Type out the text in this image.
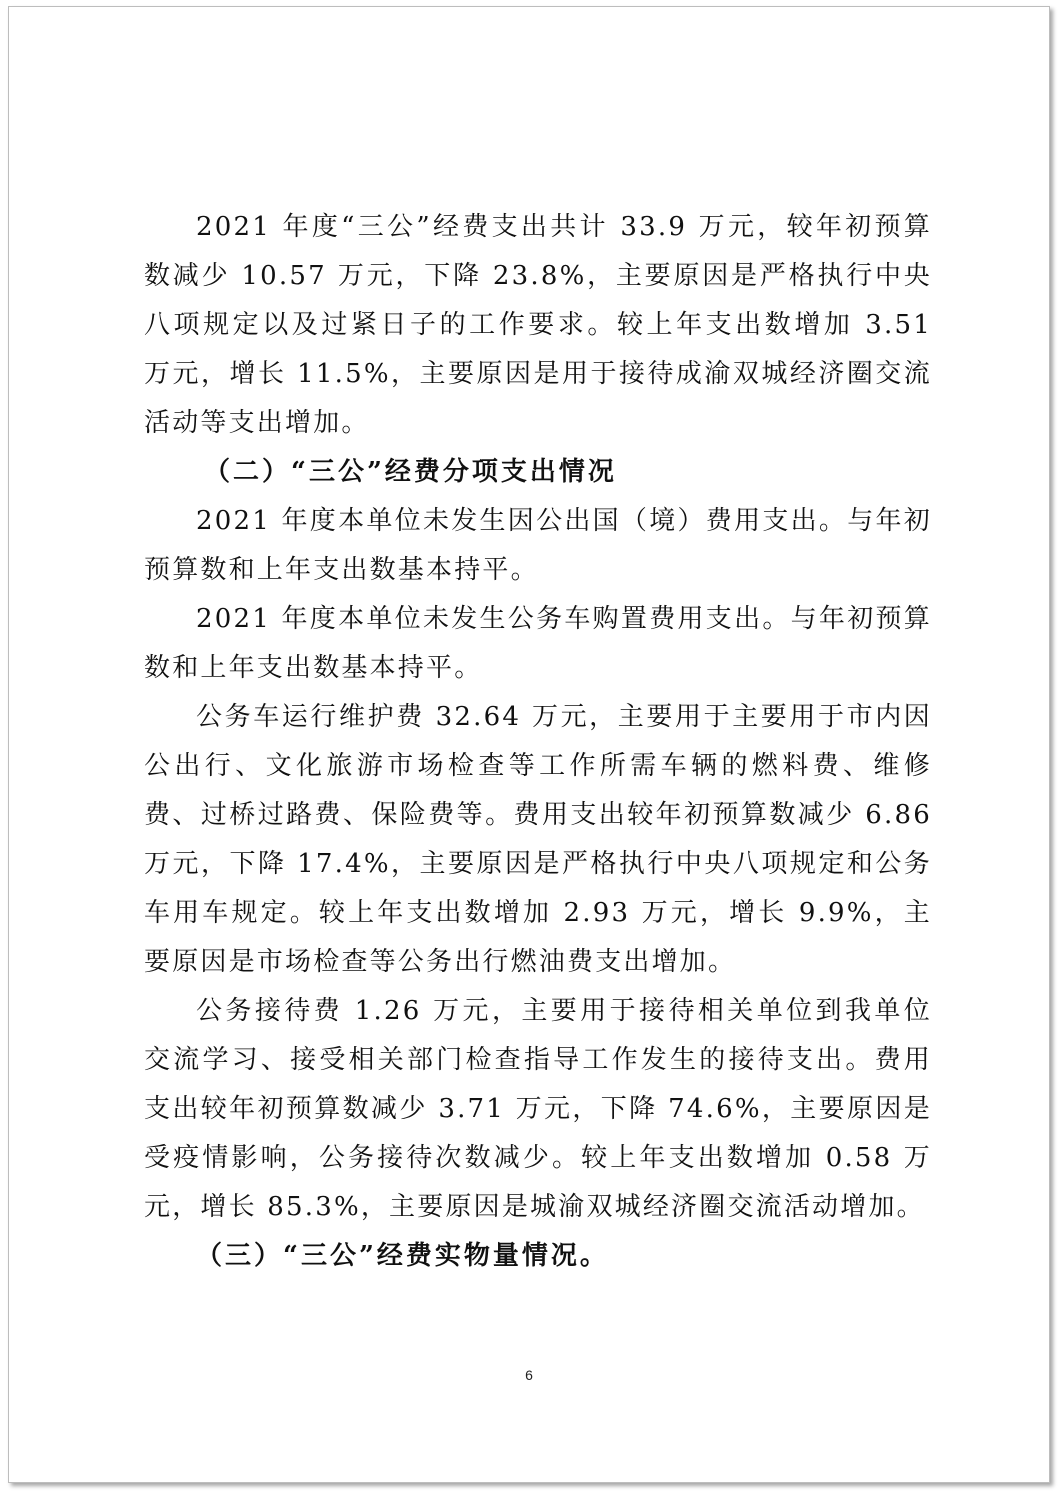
2021 年度“三公”经费支出共计 33.9 万元，较年初预算数减少 10.57 万元，下降 23.8%，主要原因是严格执行中央八项规定以及过紧日子的工作要求。较上年支出数增加 3.51 万元，增长 11.5%，主要原因是用于接待成渝双城经济圈交流活动等支出增加。

（二）“三公”经费分项支出情况

2021 年度本单位未发生因公出国（境）费用支出。与年初预算数和上年支出数基本持平。

2021 年度本单位未发生公务车购置费用支出。与年初预算数和上年支出数基本持平。

公务车运行维护费 32.64 万元，主要用于主要用于市内因公出行、文化旅游市场检查等工作所需车辆的燃料费、维修费、过桥过路费、保险费等。费用支出较年初预算数减少 6.86 万元，下降 17.4%，主要原因是严格执行中央八项规定和公务车用车规定。较上年支出数增加 2.93 万元，增长 9.9%，主要原因是市场检查等公务出行燃油费支出增加。

公务接待费 1.26 万元，主要用于接待相关单位到我单位交流学习、接受相关部门检查指导工作发生的接待支出。费用支出较年初预算数减少 3.71 万元，下降 74.6%，主要原因是受疫情影响，公务接待次数减少。较上年支出数增加 0.58 万元，增长 85.3%，主要原因是城渝双城经济圈交流活动增加。

（三）“三公”经费实物量情况。

6
